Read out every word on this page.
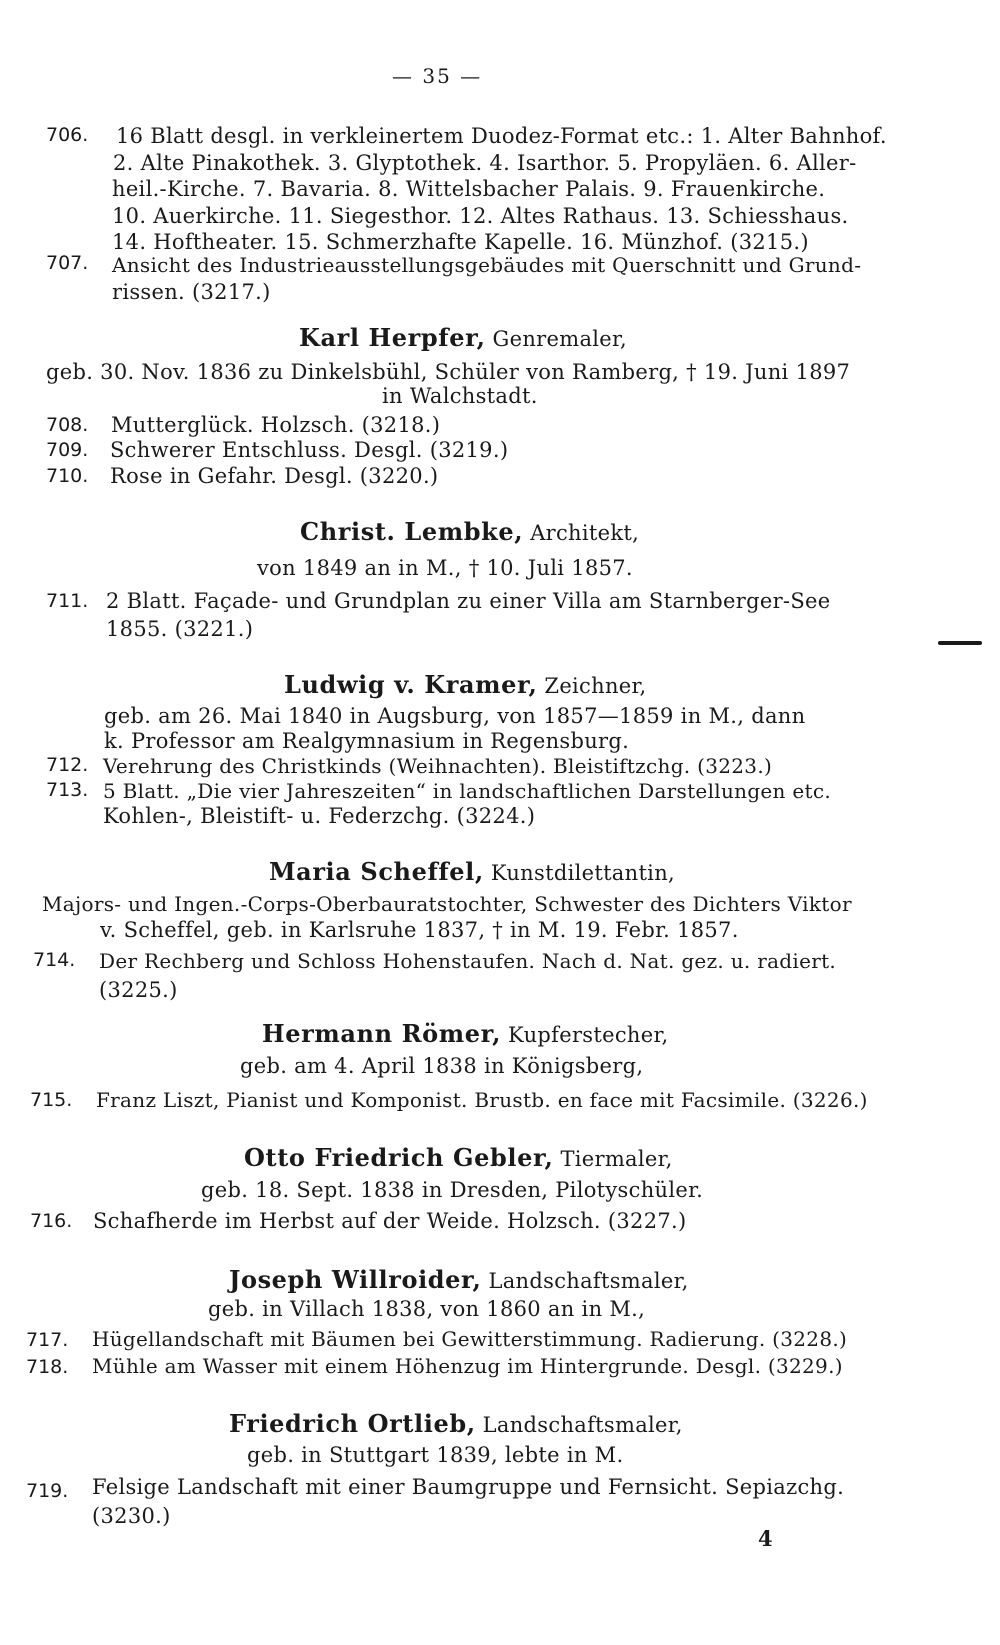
— 35 —
706. 16 Blatt desgl. in verkleinertem Duodez-Format etc.: 1. Alter Bahnhof.
2. Alte Pinakothek. 3. Glyptothek. 4. Isarthor. 5. Propyläen. 6. Aller-
heil.-Kirche. 7. Bavaria. 8. Wittelsbacher Palais. 9. Frauenkirche.
10. Auerkirche. 11. Siegesthor. 12. Altes Rathaus. 13. Schiesshaus.
14. Hoftheater. 15. Schmerzhafte Kapelle. 16. Münzhof. (3215.)
707. Ansicht des Industrieausstellungsgebäudes mit Querschnitt und Grund-
rissen. (3217.)
Karl Herpfer, Genremaler,
geb. 30. Nov. 1836 zu Dinkelsbühl, Schüler von Ramberg, † 19. Juni 1897
in Walchstadt.
708. Mutterglück. Holzsch. (3218.)
709. Schwerer Entschluss. Desgl. (3219.)
710. Rose in Gefahr. Desgl. (3220.)
Christ. Lembke, Architekt,
von 1849 an in M., † 10. Juli 1857.
711. 2 Blatt. Façade- und Grundplan zu einer Villa am Starnberger-See
1855. (3221.)
Ludwig v. Kramer, Zeichner,
geb. am 26. Mai 1840 in Augsburg, von 1857—1859 in M., dann
k. Professor am Realgymnasium in Regensburg.
712. Verehrung des Christkinds (Weihnachten). Bleistiftzchg. (3223.)
713. 5 Blatt. „Die vier Jahreszeiten“ in landschaftlichen Darstellungen etc.
Kohlen-, Bleistift- u. Federzchg. (3224.)
Maria Scheffel, Kunstdilettantin,
Majors- und Ingen.-Corps-Oberbauratstochter, Schwester des Dichters Viktor
v. Scheffel, geb. in Karlsruhe 1837, † in M. 19. Febr. 1857.
714. Der Rechberg und Schloss Hohenstaufen. Nach d. Nat. gez. u. radiert.
(3225.)
Hermann Römer, Kupferstecher,
geb. am 4. April 1838 in Königsberg,
715. Franz Liszt, Pianist und Komponist. Brustb. en face mit Facsimile. (3226.)
Otto Friedrich Gebler, Tiermaler,
geb. 18. Sept. 1838 in Dresden, Pilotyschüler.
716. Schafherde im Herbst auf der Weide. Holzsch. (3227.)
Joseph Willroider, Landschaftsmaler,
geb. in Villach 1838, von 1860 an in M.,
717. Hügellandschaft mit Bäumen bei Gewitterstimmung. Radierung. (3228.)
718. Mühle am Wasser mit einem Höhenzug im Hintergrunde. Desgl. (3229.)
Friedrich Ortlieb, Landschaftsmaler,
geb. in Stuttgart 1839, lebte in M.
719. Felsige Landschaft mit einer Baumgruppe und Fernsicht. Sepiazchg.
(3230.)
4
